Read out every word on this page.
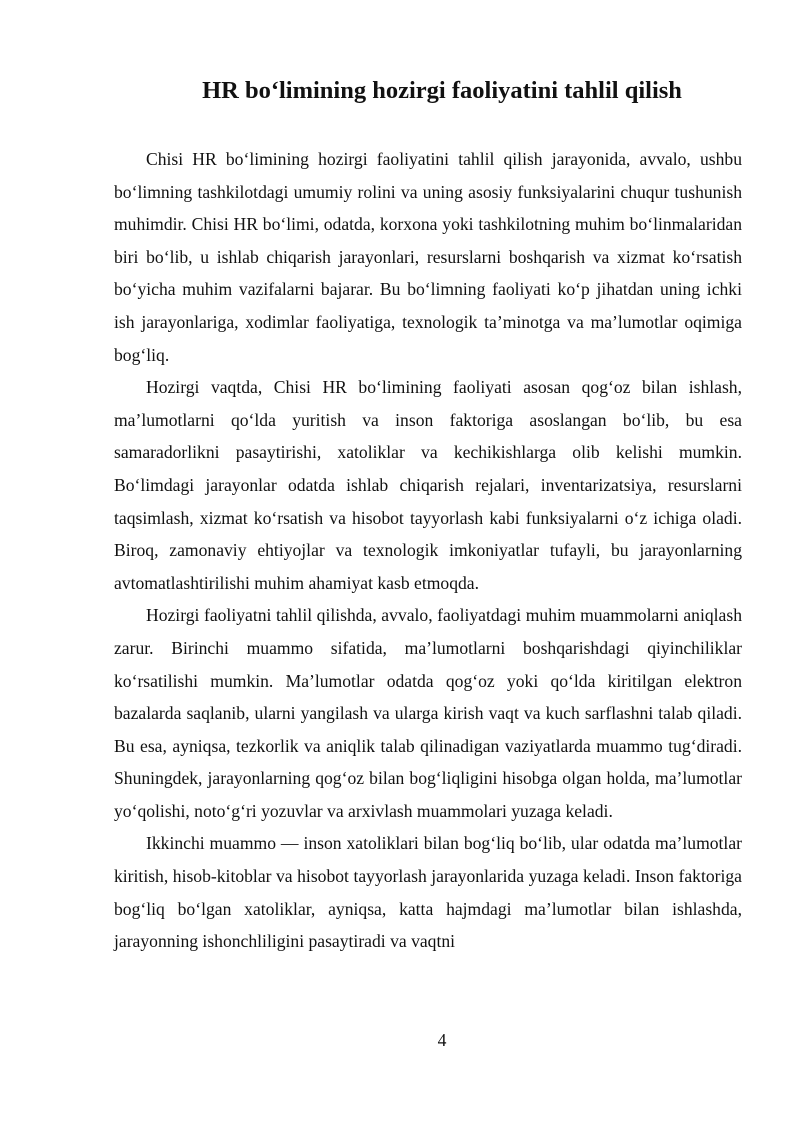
HR bo‘limining hozirgi faoliyatini tahlil qilish

Chisi HR bo‘limining hozirgi faoliyatini tahlil qilish jarayonida, avvalo, ushbu bo‘limning tashkilotdagi umumiy rolini va uning asosiy funksiyalarini chuqur tushunish muhimdir. Chisi HR bo‘limi, odatda, korxona yoki tashkilotning muhim bo‘linmalaridan biri bo‘lib, u ishlab chiqarish jarayonlari, resurslarni boshqarish va xizmat ko‘rsatish bo‘yicha muhim vazifalarni bajarar. Bu bo‘limning faoliyati ko‘p jihatdan uning ichki ish jarayonlariga, xodimlar faoliyatiga, texnologik ta’minotga va ma’lumotlar oqimiga bog‘liq.

Hozirgi vaqtda, Chisi HR bo‘limining faoliyati asosan qog‘oz bilan ishlash, ma’lumotlarni qo‘lda yuritish va inson faktoriga asoslangan bo‘lib, bu esa samaradorlikni pasaytirishi, xatoliklar va kechikishlarga olib kelishi mumkin. Bo‘limdagi jarayonlar odatda ishlab chiqarish rejalari, inventarizatsiya, resurslarni taqsimlash, xizmat ko‘rsatish va hisobot tayyorlash kabi funksiyalarni o‘z ichiga oladi. Biroq, zamonaviy ehtiyojlar va texnologik imkoniyatlar tufayli, bu jarayonlarning avtomatlashtirilishi muhim ahamiyat kasb etmoqda.

Hozirgi faoliyatni tahlil qilishda, avvalo, faoliyatdagi muhim muammolarni aniqlash zarur. Birinchi muammo sifatida, ma’lumotlarni boshqarishdagi qiyinchiliklar ko‘rsatilishi mumkin. Ma’lumotlar odatda qog‘oz yoki qo‘lda kiritilgan elektron bazalarda saqlanib, ularni yangilash va ularga kirish vaqt va kuch sarflashni talab qiladi. Bu esa, ayniqsa, tezkorlik va aniqlik talab qilinadigan vaziyatlarda muammo tug‘diradi. Shuningdek, jarayonlarning qog‘oz bilan bog‘liqligini hisobga olgan holda, ma’lumotlar yo‘qolishi, noto‘g‘ri yozuvlar va arxivlash muammolari yuzaga keladi.

Ikkinchi muammo — inson xatoliklari bilan bog‘liq bo‘lib, ular odatda ma’lumotlar kiritish, hisob-kitoblar va hisobot tayyorlash jarayonlarida yuzaga keladi. Inson faktoriga bog‘liq bo‘lgan xatoliklar, ayniqsa, katta hajmdagi ma’lumotlar bilan ishlashda, jarayonning ishonchliligini pasaytiradi va vaqtni

4
